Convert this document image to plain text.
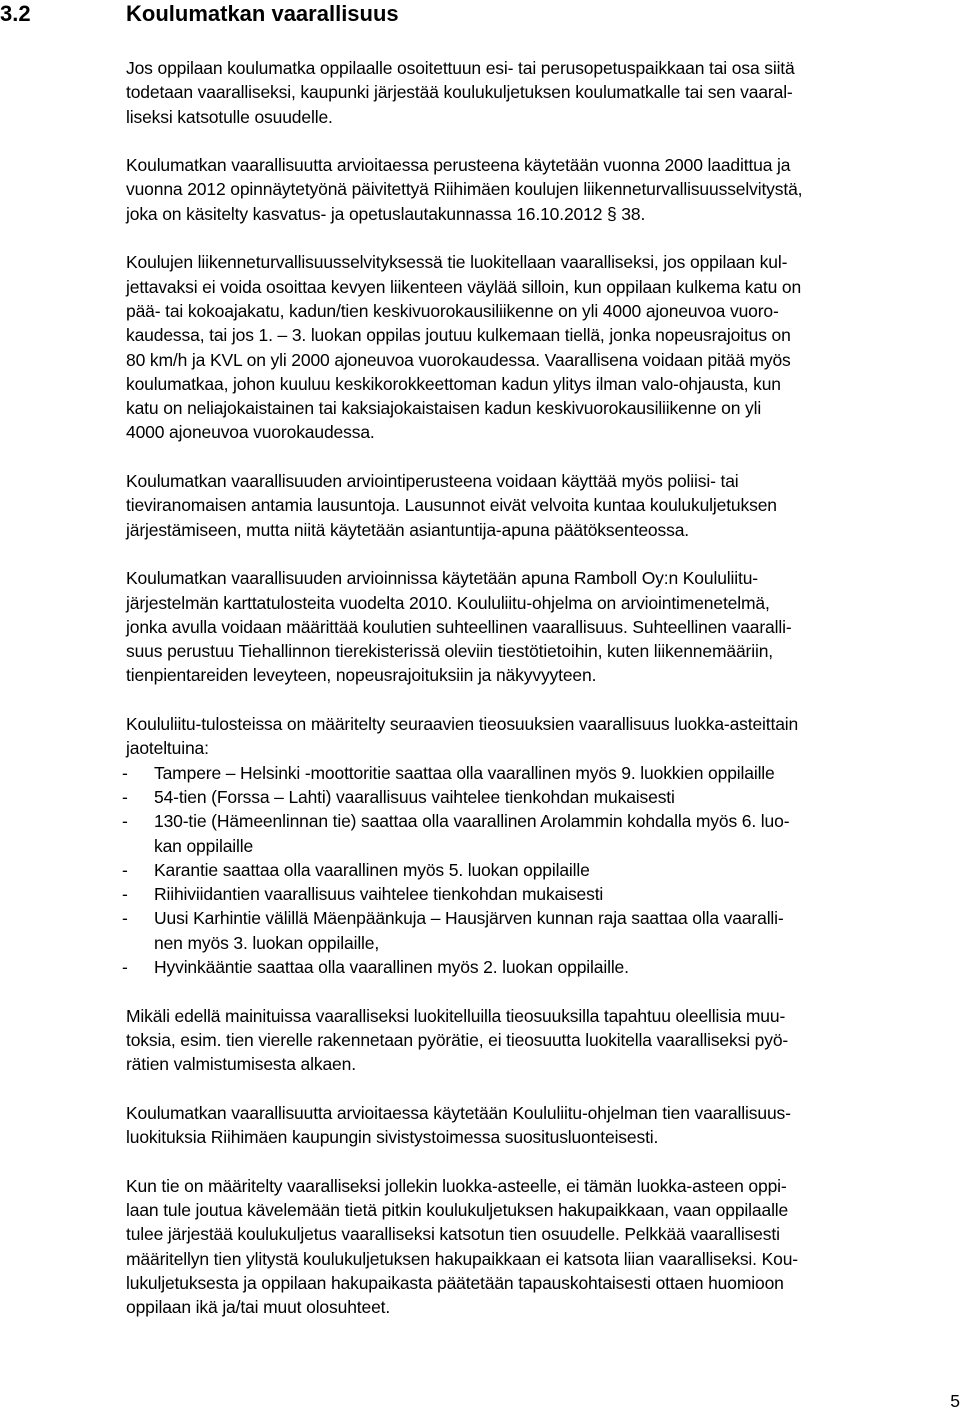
3.2	Koulumatkan vaarallisuus
Jos oppilaan koulumatka oppilaalle osoitettuun esi- tai perusopetuspaikkaan tai osa siitä
todetaan vaaralliseksi, kaupunki järjestää koulukuljetuksen koulumatkalle tai sen vaaral-
liseksi katsotulle osuudelle.
Koulumatkan vaarallisuutta arvioitaessa perusteena käytetään vuonna 2000 laadittua ja
vuonna 2012 opinnäytetyönä päivitettyä Riihimäen koulujen liikenneturvallisuusselvitystä,
joka on käsitelty kasvatus- ja opetuslautakunnassa 16.10.2012 § 38.
Koulujen liikenneturvallisuusselvityksessä tie luokitellaan vaaralliseksi, jos oppilaan kul-
jettavaksi ei voida osoittaa kevyen liikenteen väylää silloin, kun oppilaan kulkema katu on
pää- tai kokoajakatu, kadun/tien keskivuorokausiliikenne on yli 4000 ajoneuvoa vuoro-
kaudessa, tai jos 1. – 3. luokan oppilas joutuu kulkemaan tiellä, jonka nopeusrajoitus on
80 km/h ja KVL on yli 2000 ajoneuvoa vuorokaudessa. Vaarallisena voidaan pitää myös
koulumatkaa, johon kuuluu keskikorokkeettoman kadun ylitys ilman valo-ohjausta, kun
katu on neliajokaistainen tai kaksiajokaistaisen kadun keskivuorokausiliikenne on yli
4000 ajoneuvoa vuorokaudessa.
Koulumatkan vaarallisuuden arviointiperusteena voidaan käyttää myös poliisi- tai
tieviranomaisen antamia lausuntoja. Lausunnot eivät velvoita kuntaa koulukuljetuksen
järjestämiseen, mutta niitä käytetään asiantuntija-apuna päätöksenteossa.
Koulumatkan vaarallisuuden arvioinnissa käytetään apuna Ramboll Oy:n Koululiitu-
järjestelmän karttatulosteita vuodelta 2010. Koululiitu-ohjelma on arviointimenetelmä,
jonka avulla voidaan määrittää koulutien suhteellinen vaarallisuus. Suhteellinen vaaralli-
suus perustuu Tiehallinnon tierekisterissä oleviin tiestötietoihin, kuten liikennemääriin,
tienpientareiden leveyteen, nopeusrajoituksiin ja näkyvyyteen.
Koululiitu-tulosteissa on määritelty seuraavien tieosuuksien vaarallisuus luokka-asteittain
jaoteltuina:
- Tampere – Helsinki -moottoritie saattaa olla vaarallinen myös 9. luokkien oppilaille
- 54-tien (Forssa – Lahti) vaarallisuus vaihtelee tienkohdan mukaisesti
- 130-tie (Hämeenlinnan tie) saattaa olla vaarallinen Arolammin kohdalla myös 6. luo-
kan oppilaille
- Karantie saattaa olla vaarallinen myös 5. luokan oppilaille
- Riihiviidantien vaarallisuus vaihtelee tienkohdan mukaisesti
- Uusi Karhintie välillä Mäenpäänkuja – Hausjärven kunnan raja saattaa olla vaaralli-
nen myös 3. luokan oppilaille,
- Hyvinkääntie saattaa olla vaarallinen myös 2. luokan oppilaille.
Mikäli edellä mainituissa vaaralliseksi luokitelluilla tieosuuksilla tapahtuu oleellisia muu-
toksia, esim. tien vierelle rakennetaan pyörätie, ei tieosuutta luokitella vaaralliseksi pyö-
rätien valmistumisesta alkaen.
Koulumatkan vaarallisuutta arvioitaessa käytetään Koululiitu-ohjelman tien vaarallisuus-
luokituksia Riihimäen kaupungin sivistystoimessa suositusluonteisesti.
Kun tie on määritelty vaaralliseksi jollekin luokka-asteelle, ei tämän luokka-asteen oppi-
laan tule joutua kävelemään tietä pitkin koulukuljetuksen hakupaikkaan, vaan oppilaalle
tulee järjestää koulukuljetus vaaralliseksi katsotun tien osuudelle. Pelkkää vaarallisesti
määritellyn tien ylitystä koulukuljetuksen hakupaikkaan ei katsota liian vaaralliseksi. Kou-
lukuljetuksesta ja oppilaan hakupaikasta päätetään tapauskohtaisesti ottaen huomioon
oppilaan ikä ja/tai muut olosuhteet.
5
